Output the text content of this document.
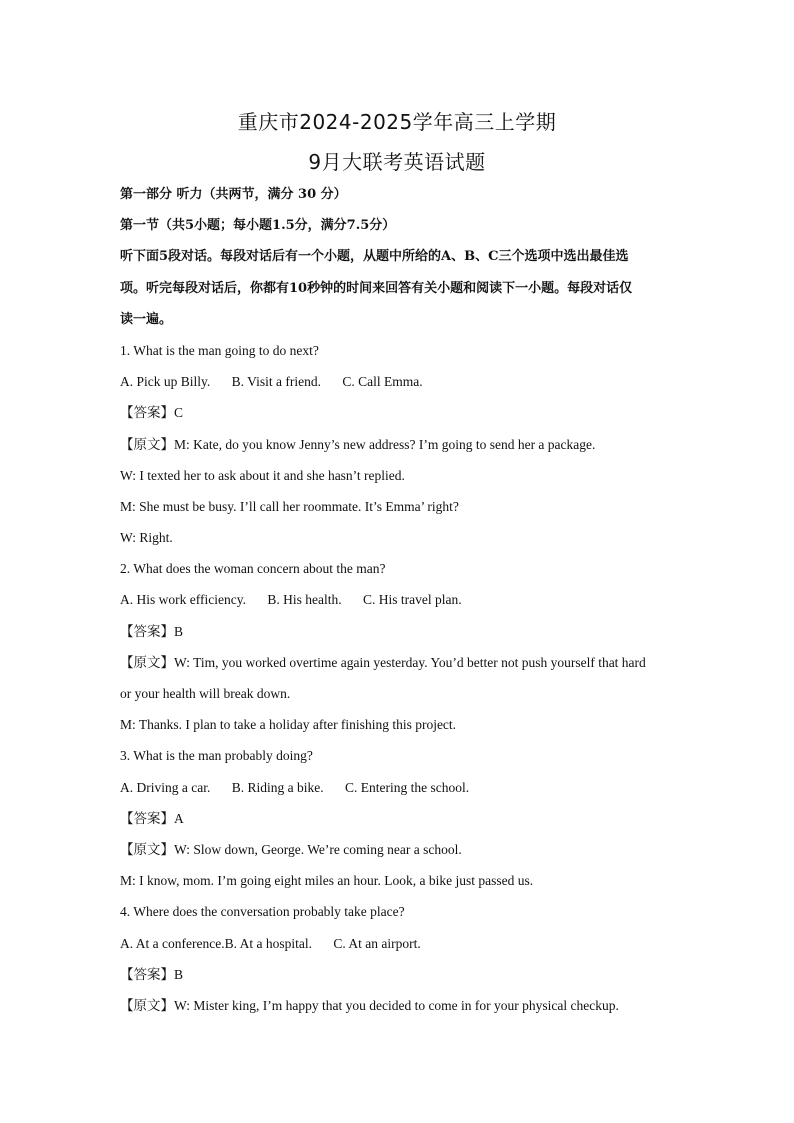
重庆市2024-2025学年高三上学期
9月大联考英语试题
第一部分 听力（共两节，满分 30 分）
第一节（共5小题；每小题1.5分，满分7.5分）
听下面5段对话。每段对话后有一个小题，从题中所给的A、B、C三个选项中选出最佳选
项。听完每段对话后，你都有10秒钟的时间来回答有关小题和阅读下一小题。每段对话仅
读一遍。
1. What is the man going to do next?
A. Pick up Billy. B. Visit a friend. C. Call Emma.
【答案】C
【原文】M: Kate, do you know Jenny’s new address? I’m going to send her a package.
W: I texted her to ask about it and she hasn’t replied.
M: She must be busy. I’ll call her roommate. It’s Emma’ right?
W: Right.
2. What does the woman concern about the man?
A. His work efficiency. B. His health. C. His travel plan.
【答案】B
【原文】W: Tim, you worked overtime again yesterday. You’d better not push yourself that hard
or your health will break down.
M: Thanks. I plan to take a holiday after finishing this project.
3. What is the man probably doing?
A. Driving a car. B. Riding a bike. C. Entering the school.
【答案】A
【原文】W: Slow down, George. We’re coming near a school.
M: I know, mom. I’m going eight miles an hour. Look, a bike just passed us.
4. Where does the conversation probably take place?
A. At a conference.B. At a hospital. C. At an airport.
【答案】B
【原文】W: Mister king, I’m happy that you decided to come in for your physical checkup.
